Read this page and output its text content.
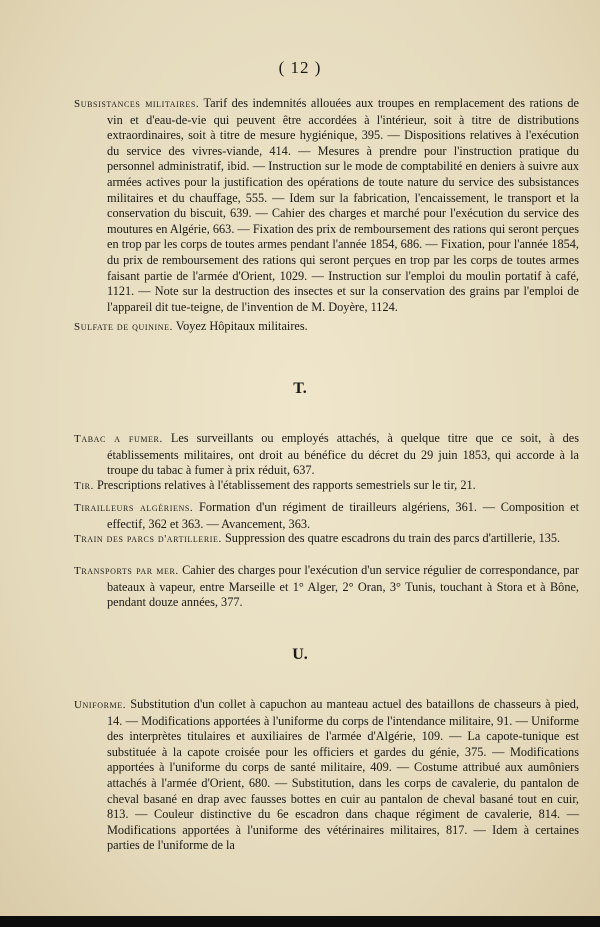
( 12 )
Subsistances militaires. Tarif des indemnités allouées aux troupes en remplacement des rations de vin et d'eau-de-vie qui peuvent être accordées à l'intérieur, soit à titre de distributions extraordinaires, soit à titre de mesure hygiénique, 395. — Dispositions relatives à l'exécution du service des vivres-viande, 414. — Mesures à prendre pour l'instruction pratique du personnel administratif, ibid. — Instruction sur le mode de comptabilité en deniers à suivre aux armées actives pour la justification des opérations de toute nature du service des subsistances militaires et du chauffage, 555. — Idem sur la fabrication, l'encaissement, le transport et la conservation du biscuit, 639. — Cahier des charges et marché pour l'exécution du service des moutures en Algérie, 663. — Fixation des prix de remboursement des rations qui seront perçues en trop par les corps de toutes armes pendant l'année 1854, 686. — Fixation, pour l'année 1854, du prix de remboursement des rations qui seront perçues en trop par les corps de toutes armes faisant partie de l'armée d'Orient, 1029. — Instruction sur l'emploi du moulin portatif à café, 1121. — Note sur la destruction des insectes et sur la conservation des grains par l'emploi de l'appareil dit tue-teigne, de l'invention de M. Doyère, 1124.
Sulfate de quinine. Voyez Hôpitaux militaires.
T.
Tabac a fumer. Les surveillants ou employés attachés, à quelque titre que ce soit, à des établissements militaires, ont droit au bénéfice du décret du 29 juin 1853, qui accorde à la troupe du tabac à fumer à prix réduit, 637.
Tir. Prescriptions relatives à l'établissement des rapports semestriels sur le tir, 21.
Tirailleurs algériens. Formation d'un régiment de tirailleurs algériens, 361. — Composition et effectif, 362 et 363. — Avancement, 363.
Train des parcs d'artillerie. Suppression des quatre escadrons du train des parcs d'artillerie, 135.
Transports par mer. Cahier des charges pour l'exécution d'un service régulier de correspondance, par bateaux à vapeur, entre Marseille et 1° Alger, 2° Oran, 3° Tunis, touchant à Stora et à Bône, pendant douze années, 377.
U.
Uniforme. Substitution d'un collet à capuchon au manteau actuel des bataillons de chasseurs à pied, 14. — Modifications apportées à l'uniforme du corps de l'intendance militaire, 91. — Uniforme des interprètes titulaires et auxiliaires de l'armée d'Algérie, 109. — La capote-tunique est substituée à la capote croisée pour les officiers et gardes du génie, 375. — Modifications apportées à l'uniforme du corps de santé militaire, 409. — Costume attribué aux aumôniers attachés à l'armée d'Orient, 680. — Substitution, dans les corps de cavalerie, du pantalon de cheval basané en drap avec fausses bottes en cuir au pantalon de cheval basané tout en cuir, 813. — Couleur distinctive du 6e escadron dans chaque régiment de cavalerie, 814. — Modifications apportées à l'uniforme des vétérinaires militaires, 817. — Idem à certaines parties de l'uniforme de la
